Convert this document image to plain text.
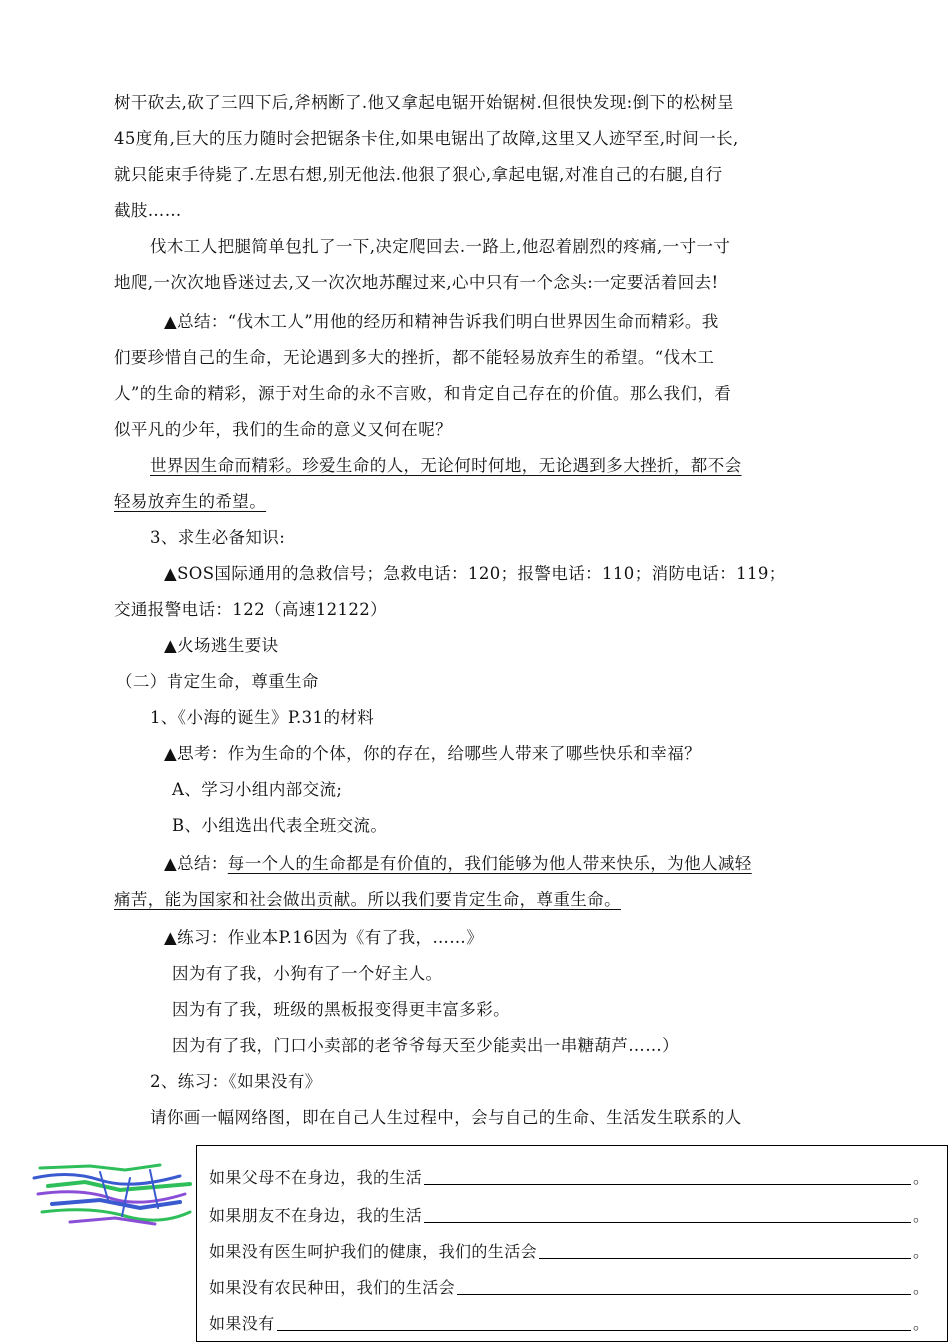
树干砍去,砍了三四下后,斧柄断了.他又拿起电锯开始锯树.但很快发现:倒下的松树呈
45度角,巨大的压力随时会把锯条卡住,如果电锯出了故障,这里又人迹罕至,时间一长,
就只能束手待毙了.左思右想,别无他法.他狠了狠心,拿起电锯,对准自己的右腿,自行
截肢……
伐木工人把腿简单包扎了一下,决定爬回去.一路上,他忍着剧烈的疼痛,一寸一寸
地爬,一次次地昏迷过去,又一次次地苏醒过来,心中只有一个念头:一定要活着回去!
▲总结：“伐木工人”用他的经历和精神告诉我们明白世界因生命而精彩。我
们要珍惜自己的生命，无论遇到多大的挫折，都不能轻易放弃生的希望。“伐木工
人”的生命的精彩，源于对生命的永不言败，和肯定自己存在的价值。那么我们，看
似平凡的少年，我们的生命的意义又何在呢？
世界因生命而精彩。珍爱生命的人，无论何时何地，无论遇到多大挫折，都不会
轻易放弃生的希望。
3、求生必备知识:
▲SOS国际通用的急救信号；急救电话：120；报警电话：110；消防电话：119；
交通报警电话：122（高速12122）
▲火场逃生要诀
（二）肯定生命，尊重生命
1、《小海的诞生》P.31的材料
▲思考：作为生命的个体，你的存在，给哪些人带来了哪些快乐和幸福？
A、学习小组内部交流;
B、小组选出代表全班交流。
▲总结：每一个人的生命都是有价值的，我们能够为他人带来快乐，为他人减轻
痛苦，能为国家和社会做出贡献。所以我们要肯定生命，尊重生命。
▲练习：作业本P.16因为《有了我，……》
因为有了我，小狗有了一个好主人。
因为有了我，班级的黑板报变得更丰富多彩。
因为有了我，门口小卖部的老爷爷每天至少能卖出一串糖葫芦……）
2、练习：《如果没有》
请你画一幅网络图，即在自己人生过程中，会与自己的生命、生活发生联系的人
如果父母不在身边，我的生活	。
如果朋友不在身边，我的生活	。
如果没有医生呵护我们的健康，我们的生活会	。
如果没有农民种田，我们的生活会	。
如果没有	。
